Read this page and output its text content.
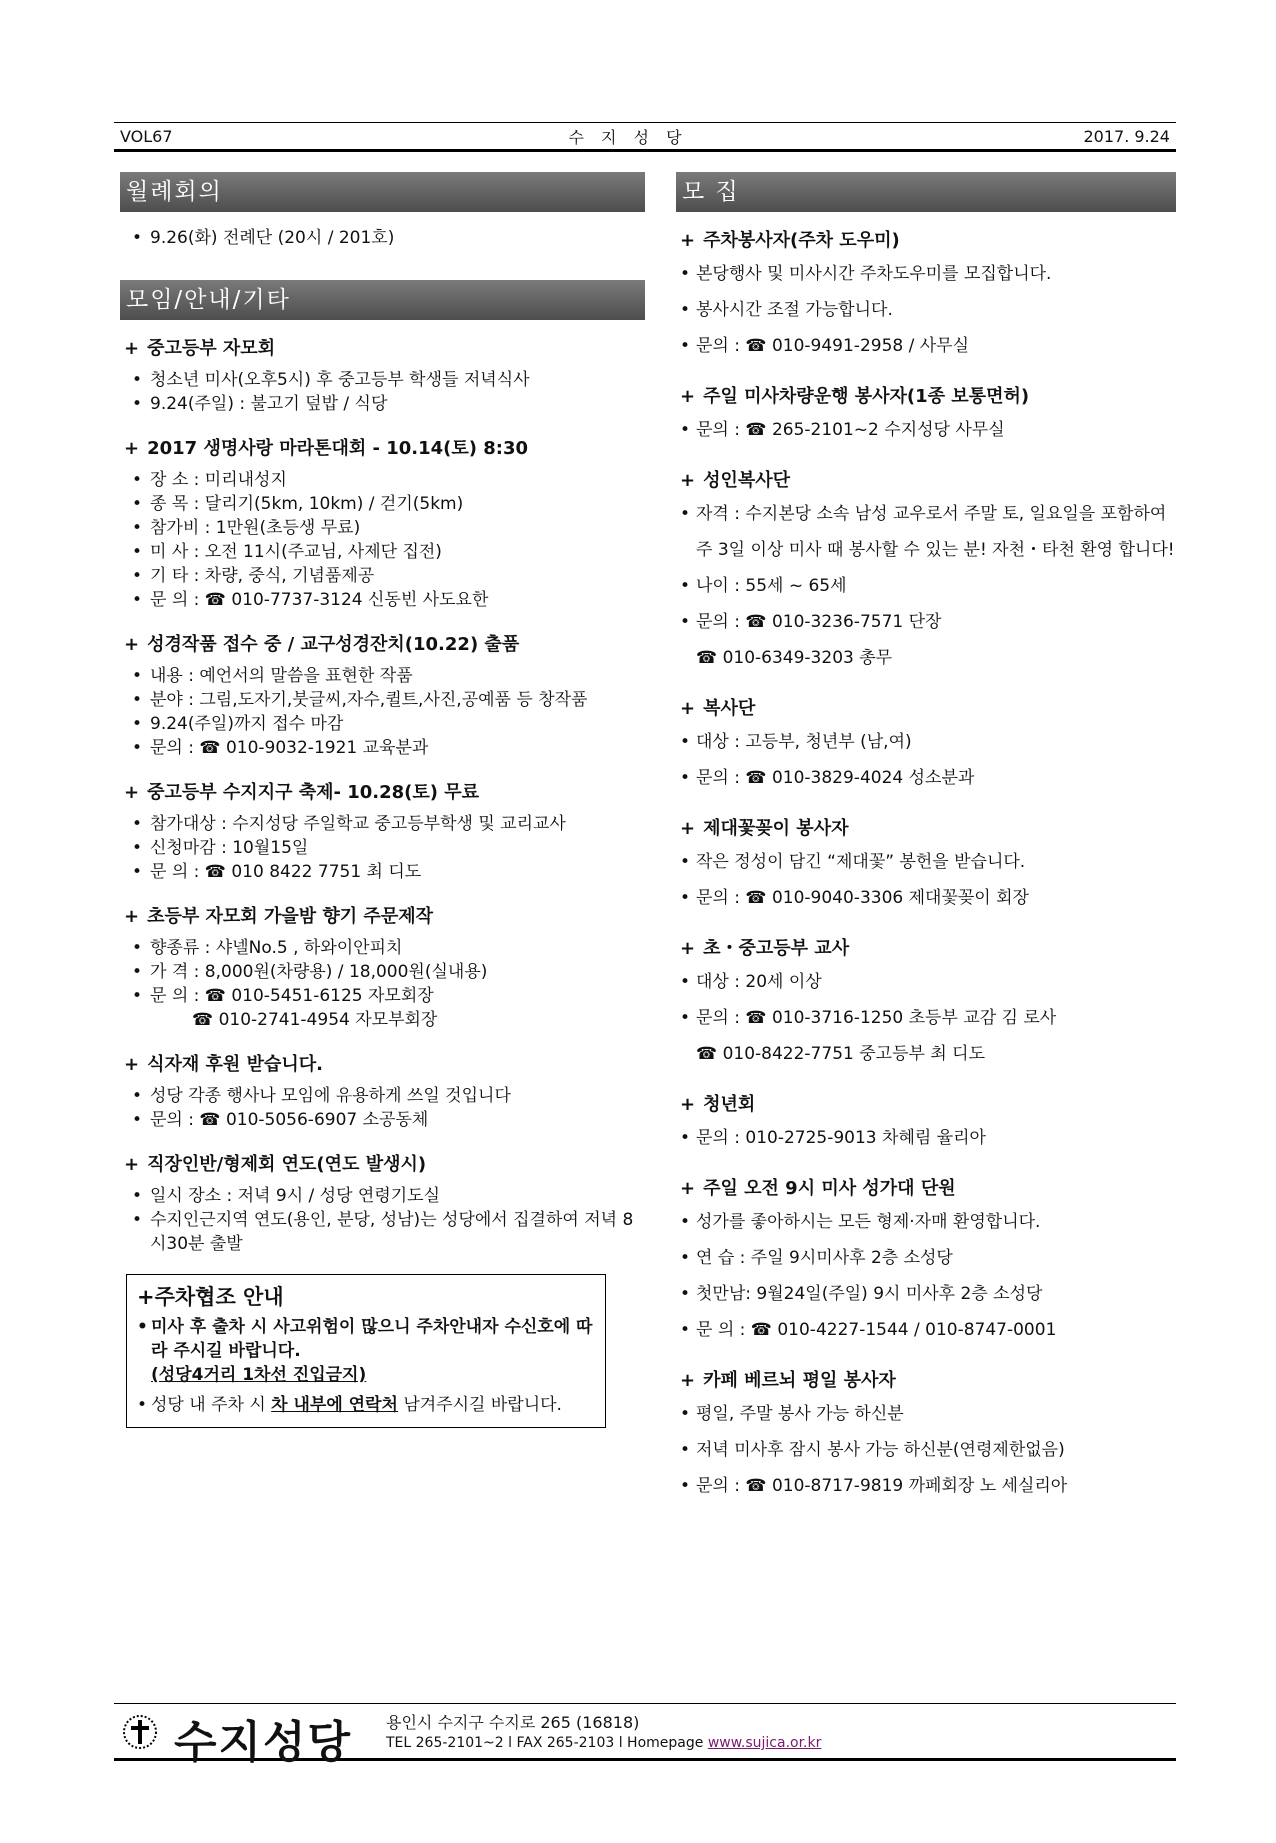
VOL67	수 지 성 당	2017. 9.24
월례회의
• 9.26(화) 전례단 (20시 / 201호)
모임/안내/기타
+ 중고등부 자모회
• 청소년 미사(오후5시) 후 중고등부 학생들 저녁식사
• 9.24(주일) : 불고기 덮밥 / 식당
+ 2017 생명사랑 마라톤대회 - 10.14(토) 8:30
• 장 소 : 미리내성지
• 종 목 : 달리기(5km, 10km) / 걷기(5km)
• 참가비 : 1만원(초등생 무료)
• 미 사 : 오전 11시(주교님, 사제단 집전)
• 기 타 : 차량, 중식, 기념품제공
• 문 의 : ☎ 010-7737-3124 신동빈 사도요한
+ 성경작품 접수 중 / 교구성경잔치(10.22) 출품
• 내용 : 예언서의 말씀을 표현한 작품
• 분야 : 그림,도자기,붓글씨,자수,퀼트,사진,공예품 등 창작품
• 9.24(주일)까지 접수 마감
• 문의 : ☎ 010-9032-1921 교육분과
+ 중고등부 수지지구 축제- 10.28(토) 무료
• 참가대상 : 수지성당 주일학교 중고등부학생 및 교리교사
• 신청마감 : 10월15일
• 문 의 : ☎ 010 8422 7751 최 디도
+ 초등부 자모회 가을밤 향기 주문제작
• 향종류 : 샤넬No.5 , 하와이안피치
• 가 격 : 8,000원(차량용) / 18,000원(실내용)
• 문 의 : ☎ 010-5451-6125 자모회장
☎ 010-2741-4954 자모부회장
+ 식자재 후원 받습니다.
• 성당 각종 행사나 모임에 유용하게 쓰일 것입니다
• 문의 : ☎ 010-5056-6907 소공동체
+ 직장인반/형제회 연도(연도 발생시)
• 일시 장소 : 저녁 9시 / 성당 연령기도실
• 수지인근지역 연도(용인, 분당, 성남)는 성당에서 집결하여 저녁 8시30분 출발
+주차협조 안내
• 미사 후 출차 시 사고위험이 많으니 주차안내자 수신호에 따라 주시길 바랍니다.
(성당4거리 1차선 진입금지)
• 성당 내 주차 시 차 내부에 연락처 남겨주시길 바랍니다.
모 집
+ 주차봉사자(주차 도우미)
• 본당행사 및 미사시간 주차도우미를 모집합니다.
• 봉사시간 조절 가능합니다.
• 문의 : ☎ 010-9491-2958 / 사무실
+ 주일 미사차량운행 봉사자(1종 보통면허)
• 문의 : ☎ 265-2101~2 수지성당 사무실
+ 성인복사단
• 자격 : 수지본당 소속 남성 교우로서 주말 토, 일요일을 포함하여 주 3일 이상 미사 때 봉사할 수 있는 분! 자천・타천 환영 합니다!
• 나이 : 55세 ~ 65세
• 문의 : ☎ 010-3236-7571 단장
☎ 010-6349-3203 총무
+ 복사단
• 대상 : 고등부, 청년부 (남,여)
• 문의 : ☎ 010-3829-4024 성소분과
+ 제대꽃꽂이 봉사자
• 작은 정성이 담긴 “제대꽃” 봉헌을 받습니다.
• 문의 : ☎ 010-9040-3306 제대꽃꽂이 회장
+ 초・중고등부 교사
• 대상 : 20세 이상
• 문의 : ☎ 010-3716-1250 초등부 교감 김 로사
☎ 010-8422-7751 중고등부 최 디도
+ 청년회
• 문의 : 010-2725-9013 차혜림 율리아
+ 주일 오전 9시 미사 성가대 단원
• 성가를 좋아하시는 모든 형제·자매 환영합니다.
• 연 습 : 주일 9시미사후 2층 소성당
• 첫만남: 9월24일(주일) 9시 미사후 2층 소성당
• 문 의 : ☎ 010-4227-1544 / 010-8747-0001
+ 카페 베르뇌 평일 봉사자
• 평일, 주말 봉사 가능 하신분
• 저녁 미사후 잠시 봉사 가능 하신분(연령제한없음)
• 문의 : ☎ 010-8717-9819 까페회장 노 세실리아
수지성당 용인시 수지구 수지로 265 (16818)
TEL 265-2101~2 l FAX 265-2103 l Homepage www.sujica.or.kr
